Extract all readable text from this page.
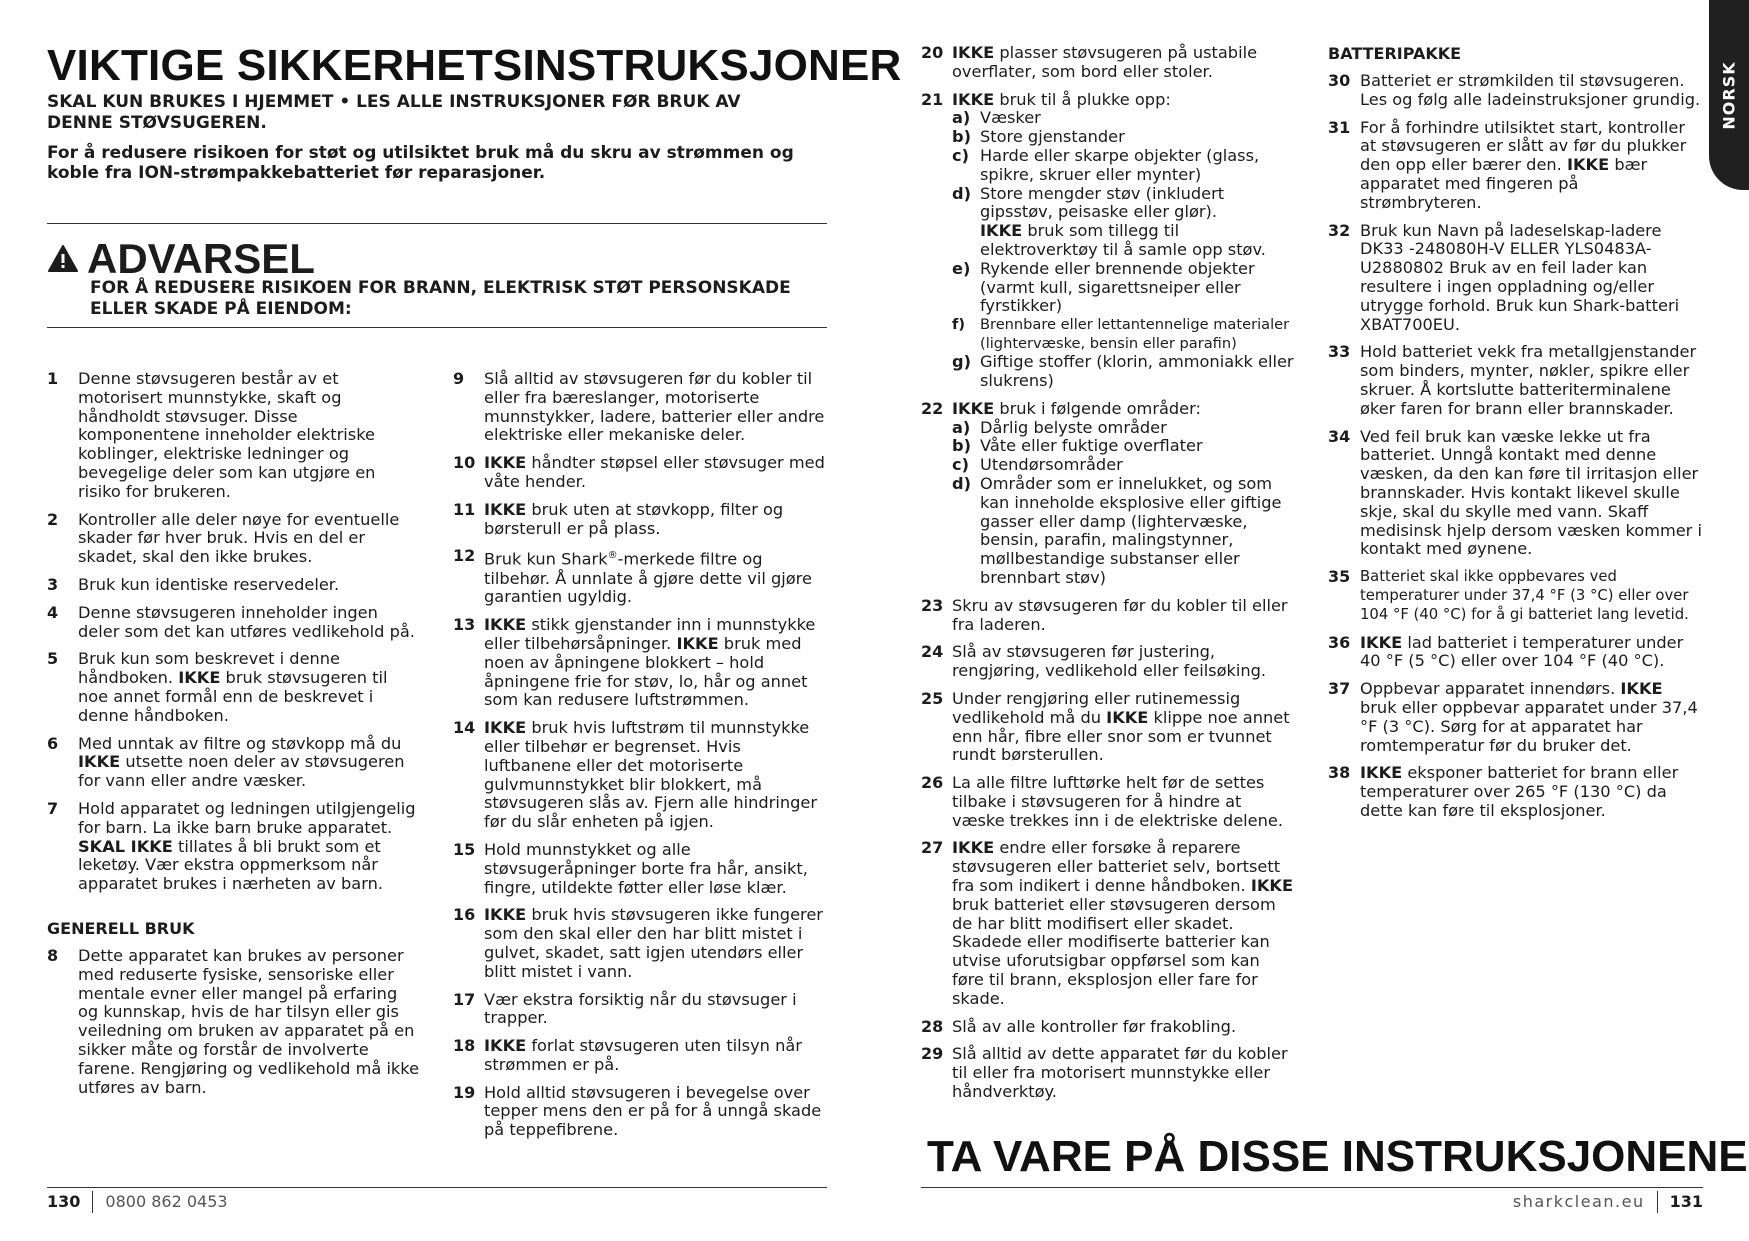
VIKTIGE SIKKERHETSINSTRUKSJONER
SKAL KUN BRUKES I HJEMMET • LES ALLE INSTRUKSJONER FØR BRUK AV DENNE STØVSUGEREN.
For å redusere risikoen for støt og utilsiktet bruk må du skru av strømmen og koble fra ION-strømpakkebatteriet før reparasjoner.
ADVARSEL
FOR Å REDUSERE RISIKOEN FOR BRANN, ELEKTRISK STØT PERSONSKADE ELLER SKADE PÅ EIENDOM:
1	Denne støvsugeren består av et motorisert munnstykke, skaft og håndholdt støvsuger. Disse komponentene inneholder elektriske koblinger, elektriske ledninger og bevegelige deler som kan utgjøre en risiko for brukeren.
2	Kontroller alle deler nøye for eventuelle skader før hver bruk. Hvis en del er skadet, skal den ikke brukes.
3	Bruk kun identiske reservedeler.
4	Denne støvsugeren inneholder ingen deler som det kan utføres vedlikehold på.
5	Bruk kun som beskrevet i denne håndboken. IKKE bruk støvsugeren til noe annet formål enn de beskrevet i denne håndboken.
6	Med unntak av filtre og støvkopp må du IKKE utsette noen deler av støvsugeren for vann eller andre væsker.
7	Hold apparatet og ledningen utilgjengelig for barn. La ikke barn bruke apparatet. SKAL IKKE tillates å bli brukt som et leketøy. Vær ekstra oppmerksom når apparatet brukes i nærheten av barn.
GENERELL BRUK
8	Dette apparatet kan brukes av personer med reduserte fysiske, sensoriske eller mentale evner eller mangel på erfaring og kunnskap, hvis de har tilsyn eller gis veiledning om bruken av apparatet på en sikker måte og forstår de involverte farene. Rengjøring og vedlikehold må ikke utføres av barn.
9	Slå alltid av støvsugeren før du kobler til eller fra bæreslanger, motoriserte munnstykker, ladere, batterier eller andre elektriske eller mekaniske deler.
10 IKKE håndter støpsel eller støvsuger med våte hender.
11 IKKE bruk uten at støvkopp, filter og børsterull er på plass.
12 Bruk kun Shark®-merkede filtre og tilbehør. Å unnlate å gjøre dette vil gjøre garantien ugyldig.
13 IKKE stikk gjenstander inn i munnstykke eller tilbehørsåpninger. IKKE bruk med noen av åpningene blokkert – hold åpningene frie for støv, lo, hår og annet som kan redusere luftstrømmen.
14 IKKE bruk hvis luftstrøm til munnstykke eller tilbehør er begrenset. Hvis luftbanene eller det motoriserte gulvmunnstykket blir blokkert, må støvsugeren slås av. Fjern alle hindringer før du slår enheten på igjen.
15 Hold munnstykket og alle støvsugeråpninger borte fra hår, ansikt, fingre, utildekte føtter eller løse klær.
16 IKKE bruk hvis støvsugeren ikke fungerer som den skal eller den har blitt mistet i gulvet, skadet, satt igjen utendørs eller blitt mistet i vann.
17 Vær ekstra forsiktig når du støvsuger i trapper.
18 IKKE forlat støvsugeren uten tilsyn når strømmen er på.
19 Hold alltid støvsugeren i bevegelse over tepper mens den er på for å unngå skade på teppefibrene.
130 0800 862 0453
20 IKKE plasser støvsugeren på ustabile overflater, som bord eller stoler.
21 IKKE bruk til å plukke opp:
a) Væsker
b) Store gjenstander
c) Harde eller skarpe objekter (glass, spikre, skruer eller mynter)
d) Store mengder støv (inkludert gipsstøv, peisaske eller glør).
IKKE bruk som tillegg til elektroverktøy til å samle opp støv.
e) Rykende eller brennende objekter (varmt kull, sigarettsneiper eller fyrstikker)
f)	Brennbare eller lettantennelige materialer (lightervæske, bensin eller parafin)
g) Giftige stoffer (klorin, ammoniakk eller slukrens)
22 IKKE bruk i følgende områder:
a) Dårlig belyste områder
b) Våte eller fuktige overflater
c) Utendørsområder
d) Områder som er innelukket, og som kan inneholde eksplosive eller giftige gasser eller damp (lightervæske, bensin, parafin, malingstynner, møllbestandige substanser eller brennbart støv)
23 Skru av støvsugeren før du kobler til eller fra laderen.
24 Slå av støvsugeren før justering, rengjøring, vedlikehold eller feilsøking.
25 Under rengjøring eller rutinemessig vedlikehold må du IKKE klippe noe annet enn hår, fibre eller snor som er tvunnet rundt børsterullen.
26 La alle filtre lufttørke helt før de settes tilbake i støvsugeren for å hindre at væske trekkes inn i de elektriske delene.
27 IKKE endre eller forsøke å reparere støvsugeren eller batteriet selv, bortsett fra som indikert i denne håndboken. IKKE bruk batteriet eller støvsugeren dersom de har blitt modifisert eller skadet. Skadede eller modifiserte batterier kan utvise uforutsigbar oppførsel som kan føre til brann, eksplosjon eller fare for skade.
28 Slå av alle kontroller før frakobling.
29 Slå alltid av dette apparatet før du kobler til eller fra motorisert munnstykke eller håndverktøy.
BATTERIPAKKE
30 Batteriet er strømkilden til støvsugeren. Les og følg alle ladeinstruksjoner grundig.
31 For å forhindre utilsiktet start, kontroller at støvsugeren er slått av før du plukker den opp eller bærer den. IKKE bær apparatet med fingeren på strømbryteren.
32 Bruk kun Navn på ladeselskap-ladere DK33 -248080H-V ELLER YLS0483A-U2880802 Bruk av en feil lader kan resultere i ingen oppladning og/eller utrygge forhold. Bruk kun Shark-batteri XBAT700EU.
33 Hold batteriet vekk fra metallgjenstander som binders, mynter, nøkler, spikre eller skruer. Å kortslutte batteriterminalene øker faren for brann eller brannskader.
34 Ved feil bruk kan væske lekke ut fra batteriet. Unngå kontakt med denne væsken, da den kan føre til irritasjon eller brannskader. Hvis kontakt likevel skulle skje, skal du skylle med vann. Skaff medisinsk hjelp dersom væsken kommer i kontakt med øynene.
35 Batteriet skal ikke oppbevares ved temperaturer under 37,4 °F (3 °C) eller over 104 °F (40 °C) for å gi batteriet lang levetid.
36 IKKE lad batteriet i temperaturer under 40 °F (5 °C) eller over 104 °F (40 °C).
37 Oppbevar apparatet innendørs. IKKE bruk eller oppbevar apparatet under 37,4 °F (3 °C). Sørg for at apparatet har romtemperatur før du bruker det.
38 IKKE eksponer batteriet for brann eller temperaturer over 265 °F (130 °C) da dette kan føre til eksplosjoner.
TA VARE PÅ DISSE INSTRUKSJONENE
sharkclean.eu 131
NORSK
